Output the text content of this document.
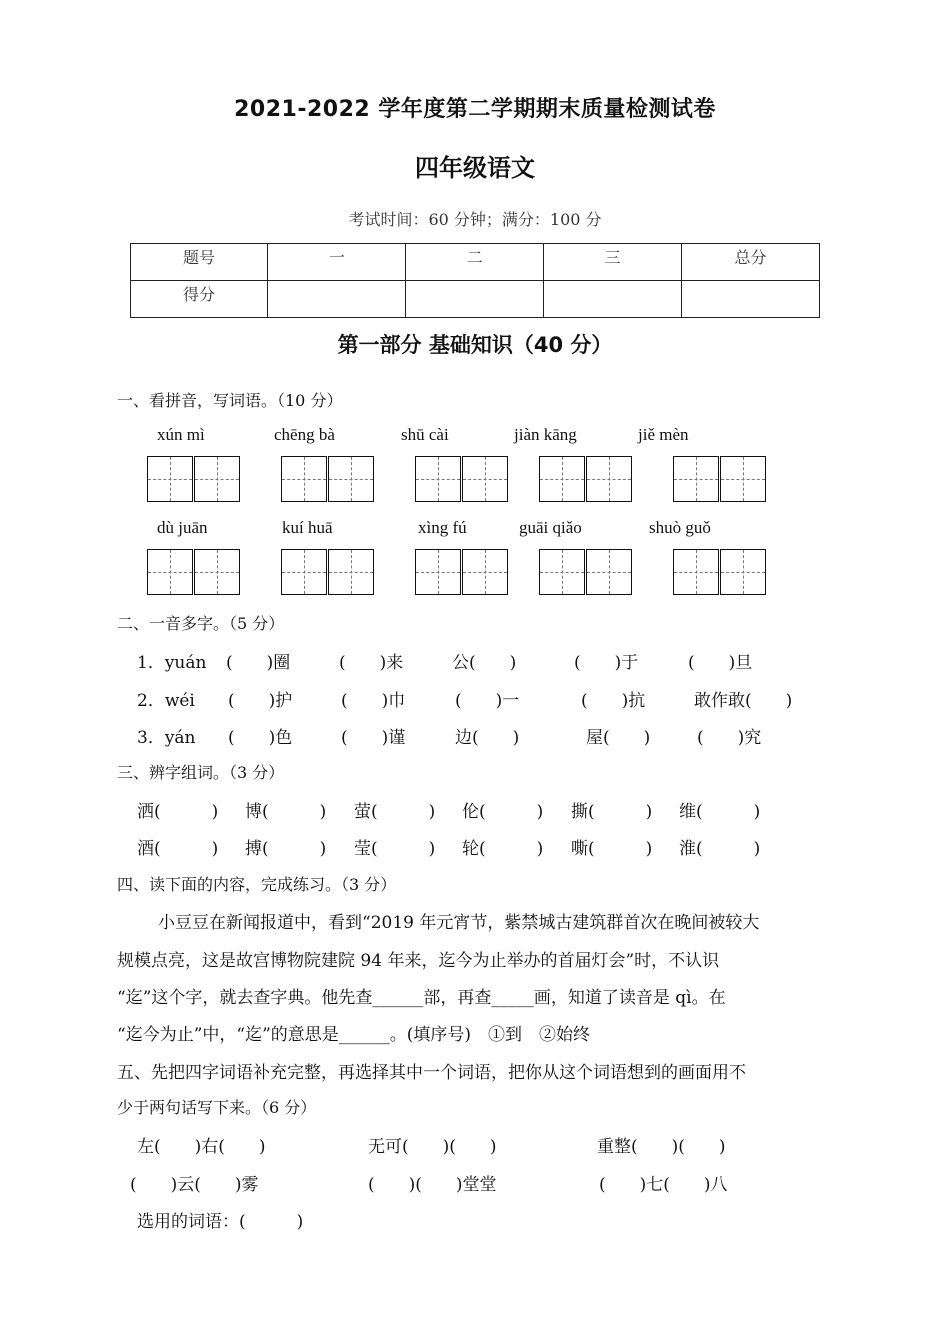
2021-2022 学年度第二学期期末质量检测试卷
四年级语文
考试时间：60 分钟；满分：100 分
题号	一	二	三	总分
得分				
第一部分 基础知识（40 分）
一、看拼音，写词语。（10 分）
xún mì	chēng bà	shū cài	jiàn kāng	jiě mèn
dù juān	kuí huā	xìng fú	guāi qiǎo	shuò guǒ
二、一音多字。（5 分）
1．yuán (　　)圈	(　　)来	公(　　)	(　　)于	(　　)旦
2．wéi (　　)护	(　　)巾	(　　)一	(　　)抗	敢作敢(　　)
3．yán (　　)色	(　　)谨	边(　　)	屋(　　)	(　　)究
三、辨字组词。（3 分）
洒(　　　) 博(　　　) 萤(　　　) 伦(　　　) 撕(　　　) 维(　　　)
酒(　　　) 搏(　　　) 莹(　　　) 轮(　　　) 嘶(　　　) 淮(　　　)
四、读下面的内容，完成练习。（3 分）
小豆豆在新闻报道中，看到“2019 年元宵节，紫禁城古建筑群首次在晚间被较大
规模点亮，这是故宫博物院建院 94 年来，迄今为止举办的首届灯会”时，不认识
“迄”这个字，就去查字典。他先查______部，再查_____画，知道了读音是 qì。在
“迄今为止”中，“迄”的意思是______。(填序号)　①到　②始终
五、先把四字词语补充完整，再选择其中一个词语，把你从这个词语想到的画面用不
少于两句话写下来。（6 分）
左(　　)右(　　)	无可(　　)(　　)	重整(　　)(　　)
(　　)云(　　)雾	(　　)(　　)堂堂	(　　)七(　　)八
选用的词语：(　　　)
